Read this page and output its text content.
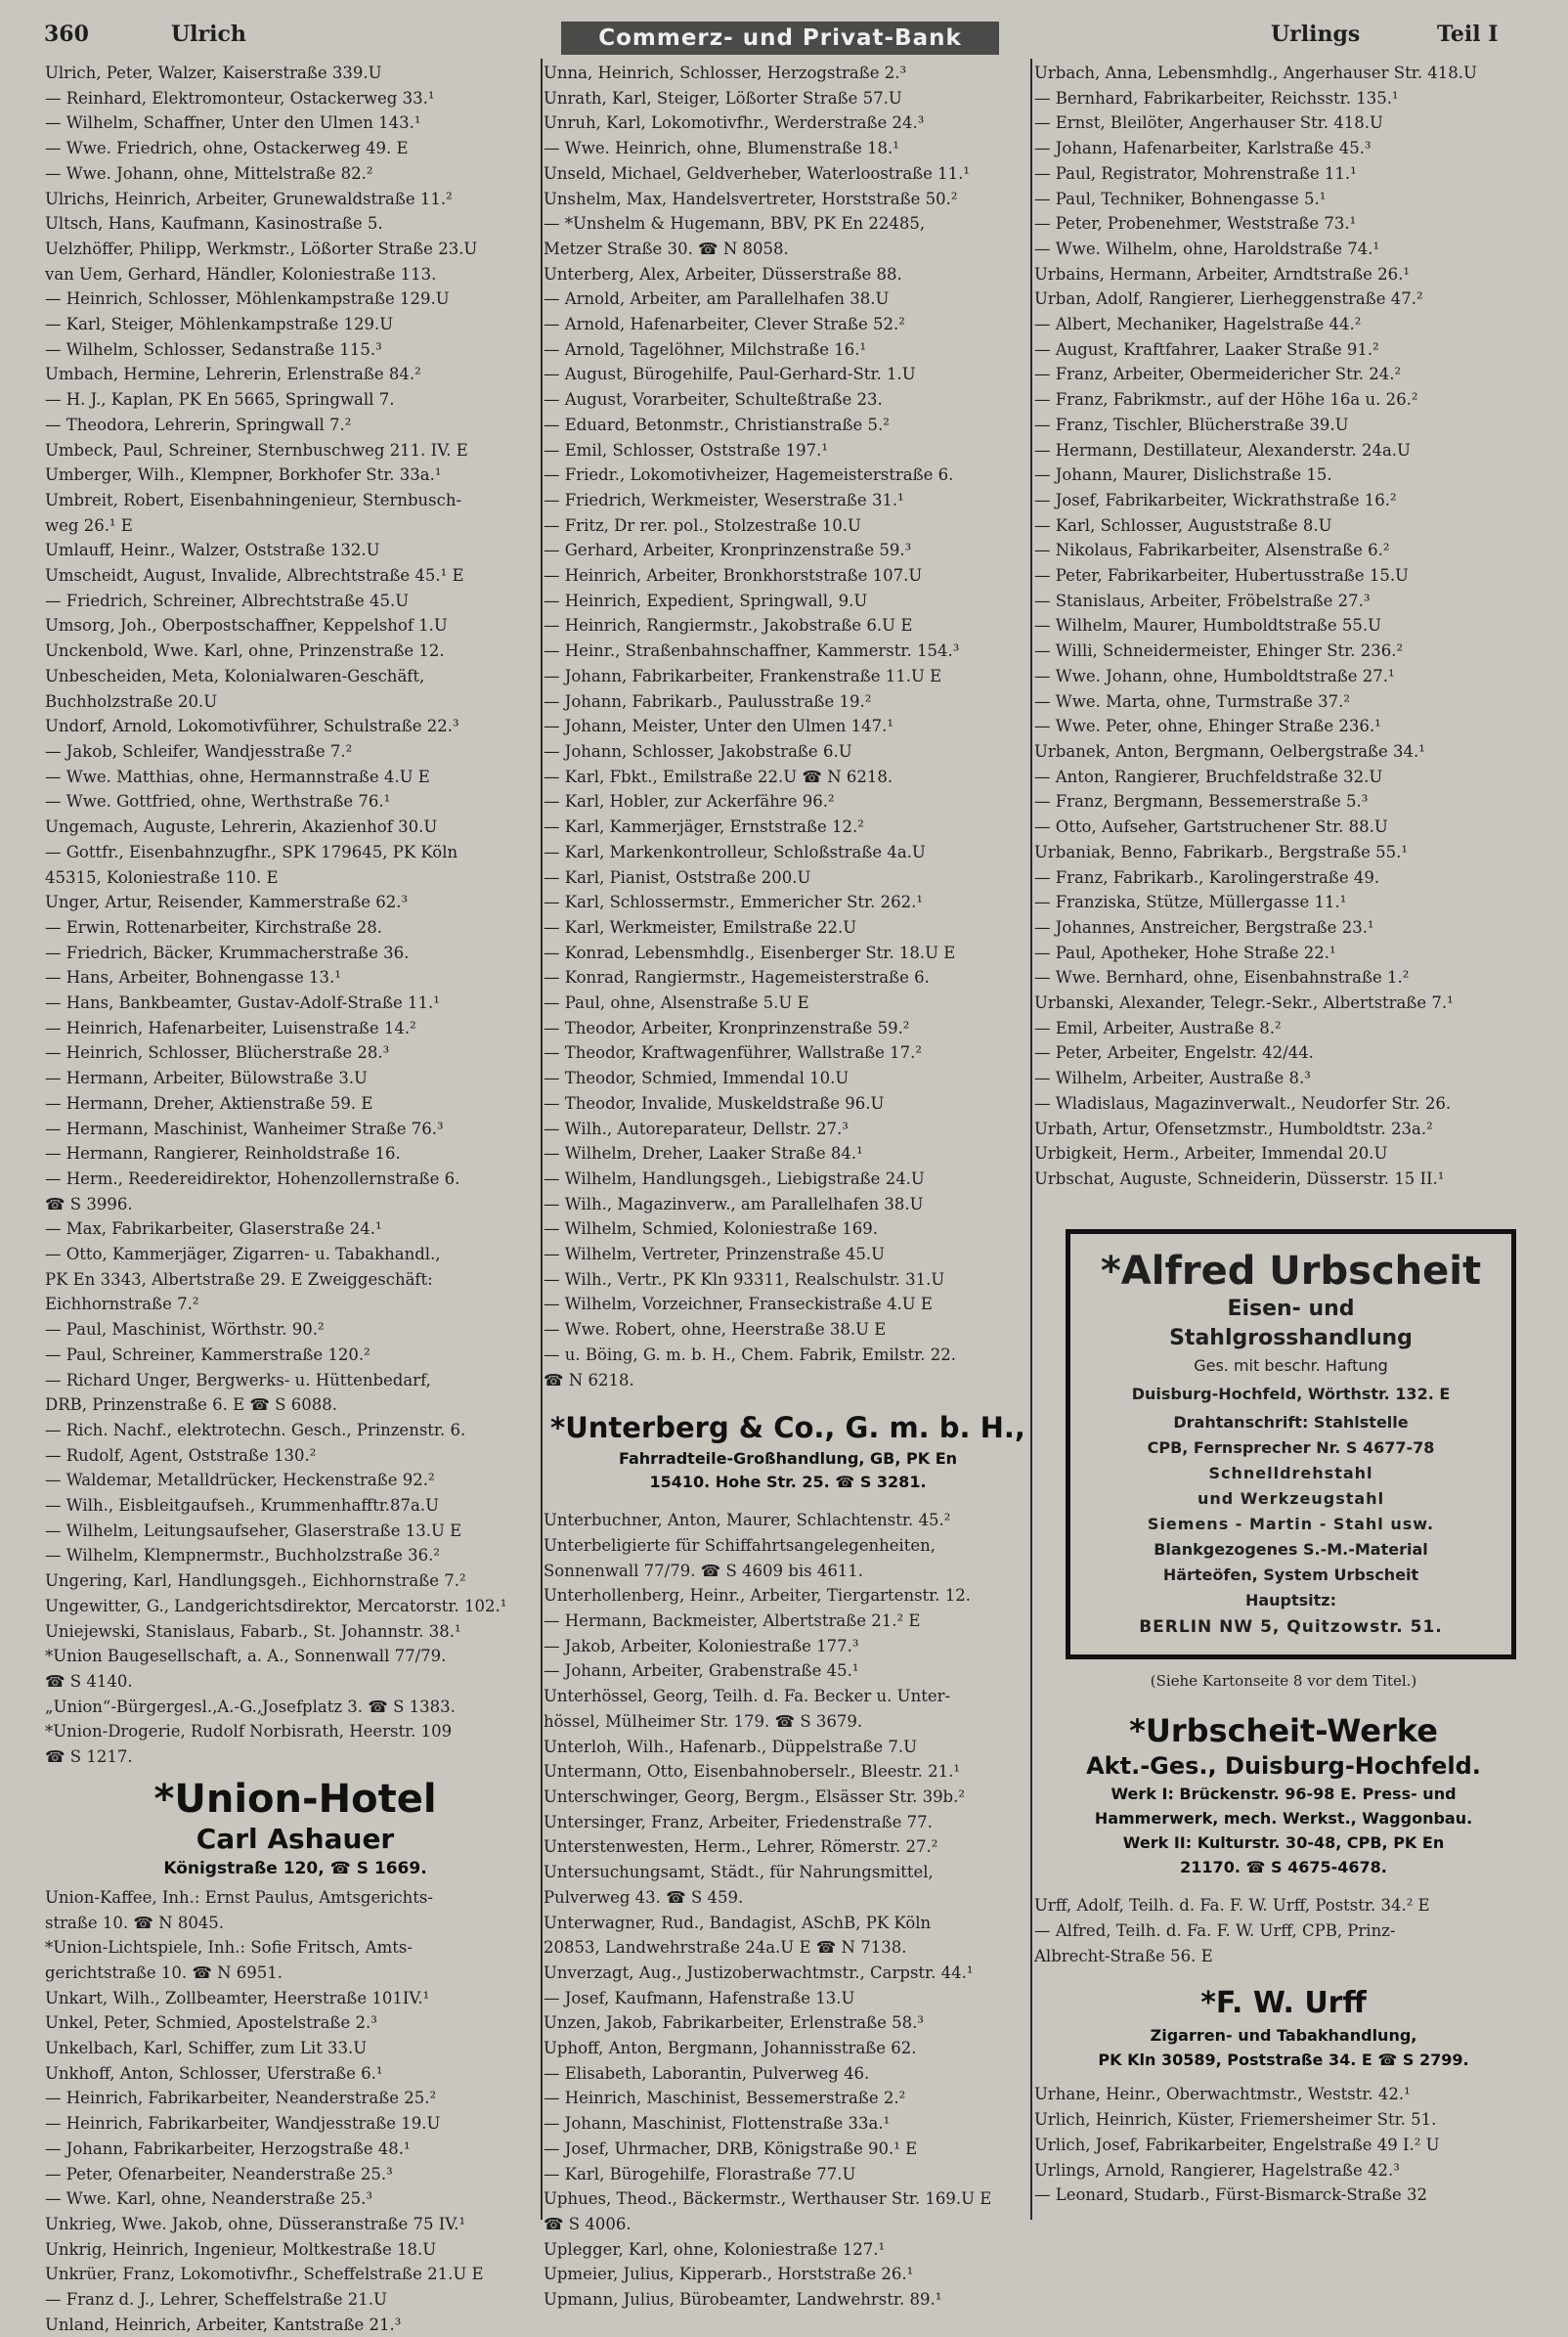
360	Ulrich	Commerz- und Privat-Bank	Urlings	Teil I
Ulrich, Peter, Walzer, Kaiserstraße 339.U
— Reinhard, Elektromonteur, Ostackerweg 33.¹
— Wilhelm, Schaffner, Unter den Ulmen 143.¹
— Wwe. Friedrich, ohne, Ostackerweg 49. E
— Wwe. Johann, ohne, Mittelstraße 82.²
Ulrichs, Heinrich, Arbeiter, Grunewaldstraße 11.²
Ultsch, Hans, Kaufmann, Kasinostraße 5.
Uelzhöffer, Philipp, Werkmstr., Lößorter Straße 23.U
van Uem, Gerhard, Händler, Koloniestraße 113.
— Heinrich, Schlosser, Möhlenkampstraße 129.U
— Karl, Steiger, Möhlenkampstraße 129.U
— Wilhelm, Schlosser, Sedanstraße 115.³
Umbach, Hermine, Lehrerin, Erlenstraße 84.²
— H. J., Kaplan, PK En 5665, Springwall 7.
— Theodora, Lehrerin, Springwall 7.²
Umbeck, Paul, Schreiner, Sternbuschweg 211. IV. E
Umberger, Wilh., Klempner, Borkhofer Str. 33a.¹
Umbreit, Robert, Eisenbahningenieur, Sternbusch-
weg 26.¹ E
Umlauff, Heinr., Walzer, Oststraße 132.U
Umscheidt, August, Invalide, Albrechtstraße 45.¹ E
— Friedrich, Schreiner, Albrechtstraße 45.U
Umsorg, Joh., Oberpostschaffner, Keppelshof 1.U
Unckenbold, Wwe. Karl, ohne, Prinzenstraße 12.
Unbescheiden, Meta, Kolonialwaren-Geschäft,
Buchholzstraße 20.U
Undorf, Arnold, Lokomotivführer, Schulstraße 22.³
— Jakob, Schleifer, Wandjesstraße 7.²
— Wwe. Matthias, ohne, Hermannstraße 4.U E
— Wwe. Gottfried, ohne, Werthstraße 76.¹
Ungemach, Auguste, Lehrerin, Akazienhof 30.U
— Gottfr., Eisenbahnzugfhr., SPK 179645, PK Köln
45315, Koloniestraße 110. E
Unger, Artur, Reisender, Kammerstraße 62.³
— Erwin, Rottenarbeiter, Kirchstraße 28.
— Friedrich, Bäcker, Krummacherstraße 36.
— Hans, Arbeiter, Bohnengasse 13.¹
— Hans, Bankbeamter, Gustav-Adolf-Straße 11.¹
— Heinrich, Hafenarbeiter, Luisenstraße 14.²
— Heinrich, Schlosser, Blücherstraße 28.³
— Hermann, Arbeiter, Bülowstraße 3.U
— Hermann, Dreher, Aktienstraße 59. E
— Hermann, Maschinist, Wanheimer Straße 76.³
— Hermann, Rangierer, Reinholdstraße 16.
— Herm., Reedereidirektor, Hohenzollernstraße 6.
☎ S 3996.
— Max, Fabrikarbeiter, Glaserstraße 24.¹
— Otto, Kammerjäger, Zigarren- u. Tabakhandl.,
PK En 3343, Albertstraße 29. E Zweiggeschäft:
Eichhornstraße 7.²
— Paul, Maschinist, Wörthstr. 90.²
— Paul, Schreiner, Kammerstraße 120.²
— Richard Unger, Bergwerks- u. Hüttenbedarf,
DRB, Prinzenstraße 6. E ☎ S 6088.
— Rich. Nachf., elektrotechn. Gesch., Prinzenstr. 6.
— Rudolf, Agent, Oststraße 130.²
— Waldemar, Metalldrücker, Heckenstraße 92.²
— Wilh., Eisbleitgaufseh., Krummenhafftr.87a.U
— Wilhelm, Leitungsaufseher, Glaserstraße 13.U E
— Wilhelm, Klempnermstr., Buchholzstraße 36.²
Ungering, Karl, Handlungsgeh., Eichhornstraße 7.²
Ungewitter, G., Landgerichtsdirektor, Mercatorstr. 102.¹
Uniejewski, Stanislaus, Fabarb., St. Johannstr. 38.¹
*Union Baugesellschaft, a. A., Sonnenwall 77/79.
☎ S 4140.
„Union“-Bürgergesl.,A.-G.,Josefplatz 3. ☎ S 1383.
*Union-Drogerie, Rudolf Norbisrath, Heerstr. 109
☎ S 1217.
*Union-Hotel
Carl Ashauer
Königstraße 120, ☎ S 1669.
Union-Kaffee, Inh.: Ernst Paulus, Amtsgerichts-
straße 10. ☎ N 8045.
*Union-Lichtspiele, Inh.: Sofie Fritsch, Amts-
gerichtstraße 10. ☎ N 6951.
Unkart, Wilh., Zollbeamter, Heerstraße 101IV.¹
Unkel, Peter, Schmied, Apostelstraße 2.³
Unkelbach, Karl, Schiffer, zum Lit 33.U
Unkhoff, Anton, Schlosser, Uferstraße 6.¹
— Heinrich, Fabrikarbeiter, Neanderstraße 25.²
— Heinrich, Fabrikarbeiter, Wandjesstraße 19.U
— Johann, Fabrikarbeiter, Herzogstraße 48.¹
— Peter, Ofenarbeiter, Neanderstraße 25.³
— Wwe. Karl, ohne, Neanderstraße 25.³
Unkrieg, Wwe. Jakob, ohne, Düsseranstraße 75 IV.¹
Unkrig, Heinrich, Ingenieur, Moltkestraße 18.U
Unkrüer, Franz, Lokomotivfhr., Scheffelstraße 21.U E
— Franz d. J., Lehrer, Scheffelstraße 21.U
Unland, Heinrich, Arbeiter, Kantstraße 21.³
Unna, Heinrich, Schlosser, Herzogstraße 2.³
Unrath, Karl, Steiger, Lößorter Straße 57.U
Unruh, Karl, Lokomotivfhr., Werderstraße 24.³
— Wwe. Heinrich, ohne, Blumenstraße 18.¹
Unseld, Michael, Geldverheber, Waterloostraße 11.¹
Unshelm, Max, Handelsvertreter, Horststraße 50.²
— *Unshelm & Hugemann, BBV, PK En 22485,
Metzer Straße 30. ☎ N 8058.
Unterberg, Alex, Arbeiter, Düsserstraße 88.
— Arnold, Arbeiter, am Parallelhafen 38.U
— Arnold, Hafenarbeiter, Clever Straße 52.²
— Arnold, Tagelöhner, Milchstraße 16.¹
— August, Bürogehilfe, Paul-Gerhard-Str. 1.U
— August, Vorarbeiter, Schulteßtraße 23.
— Eduard, Betonmstr., Christianstraße 5.²
— Emil, Schlosser, Oststraße 197.¹
— Friedr., Lokomotivheizer, Hagemeisterstraße 6.
— Friedrich, Werkmeister, Weserstraße 31.¹
— Fritz, Dr rer. pol., Stolzestraße 10.U
— Gerhard, Arbeiter, Kronprinzenstraße 59.³
— Heinrich, Arbeiter, Bronkhorststraße 107.U
— Heinrich, Expedient, Springwall, 9.U
— Heinrich, Rangiermstr., Jakobstraße 6.U E
— Heinr., Straßenbahnschaffner, Kammerstr. 154.³
— Johann, Fabrikarbeiter, Frankenstraße 11.U E
— Johann, Fabrikarb., Paulusstraße 19.²
— Johann, Meister, Unter den Ulmen 147.¹
— Johann, Schlosser, Jakobstraße 6.U
— Karl, Fbkt., Emilstraße 22.U ☎ N 6218.
— Karl, Hobler, zur Ackerfähre 96.²
— Karl, Kammerjäger, Ernststraße 12.²
— Karl, Markenkontrolleur, Schloßstraße 4a.U
— Karl, Pianist, Oststraße 200.U
— Karl, Schlossermstr., Emmericher Str. 262.¹
— Karl, Werkmeister, Emilstraße 22.U
— Konrad, Lebensmhdlg., Eisenberger Str. 18.U E
— Konrad, Rangiermstr., Hagemeisterstraße 6.
— Paul, ohne, Alsenstraße 5.U E
— Theodor, Arbeiter, Kronprinzenstraße 59.²
— Theodor, Kraftwagenführer, Wallstraße 17.²
— Theodor, Schmied, Immendal 10.U
— Theodor, Invalide, Muskeldstraße 96.U
— Wilh., Autoreparateur, Dellstr. 27.³
— Wilhelm, Dreher, Laaker Straße 84.¹
— Wilhelm, Handlungsgeh., Liebigstraße 24.U
— Wilh., Magazinverw., am Parallelhafen 38.U
— Wilhelm, Schmied, Koloniestraße 169.
— Wilhelm, Vertreter, Prinzenstraße 45.U
— Wilh., Vertr., PK Kln 93311, Realschulstr. 31.U
— Wilhelm, Vorzeichner, Franseckistraße 4.U E
— Wwe. Robert, ohne, Heerstraße 38.U E
— u. Böing, G. m. b. H., Chem. Fabrik, Emilstr. 22.
☎ N 6218.
*Unterberg & Co., G. m. b. H.,
Fahrradteile-Großhandlung, GB, PK En
15410. Hohe Str. 25. ☎ S 3281.
Unterbuchner, Anton, Maurer, Schlachtenstr. 45.²
Unterbeligierte für Schiffahrtsangelegenheiten,
Sonnenwall 77/79. ☎ S 4609 bis 4611.
Unterhollenberg, Heinr., Arbeiter, Tiergartenstr. 12.
— Hermann, Backmeister, Albertstraße 21.² E
— Jakob, Arbeiter, Koloniestraße 177.³
— Johann, Arbeiter, Grabenstraße 45.¹
Unterhössel, Georg, Teilh. d. Fa. Becker u. Unter-
hössel, Mülheimer Str. 179. ☎ S 3679.
Unterloh, Wilh., Hafenarb., Düppelstraße 7.U
Untermann, Otto, Eisenbahnoberselr., Bleestr. 21.¹
Unterschwinger, Georg, Bergm., Elsässer Str. 39b.²
Untersinger, Franz, Arbeiter, Friedenstraße 77.
Unterstenwesten, Herm., Lehrer, Römerstr. 27.²
Untersuchungsamt, Städt., für Nahrungsmittel,
Pulverweg 43. ☎ S 459.
Unterwagner, Rud., Bandagist, ASchB, PK Köln
20853, Landwehrstraße 24a.U E ☎ N 7138.
Unverzagt, Aug., Justizoberwachtmstr., Carpstr. 44.¹
— Josef, Kaufmann, Hafenstraße 13.U
Unzen, Jakob, Fabrikarbeiter, Erlenstraße 58.³
Uphoff, Anton, Bergmann, Johannisstraße 62.
— Elisabeth, Laborantin, Pulverweg 46.
— Heinrich, Maschinist, Bessemerstraße 2.²
— Johann, Maschinist, Flottenstraße 33a.¹
— Josef, Uhrmacher, DRB, Königstraße 90.¹ E
— Karl, Bürogehilfe, Florastraße 77.U
Uphues, Theod., Bäckermstr., Werthauser Str. 169.U E
☎ S 4006.
Uplegger, Karl, ohne, Koloniestraße 127.¹
Upmeier, Julius, Kipperarb., Horststraße 26.¹
Upmann, Julius, Bürobeamter, Landwehrstr. 89.¹
Urbach, Anna, Lebensmhdlg., Angerhauser Str. 418.U
— Bernhard, Fabrikarbeiter, Reichsstr. 135.¹
— Ernst, Bleilöter, Angerhauser Str. 418.U
— Johann, Hafenarbeiter, Karlstraße 45.³
— Paul, Registrator, Mohrenstraße 11.¹
— Paul, Techniker, Bohnengasse 5.¹
— Peter, Probenehmer, Weststraße 73.¹
— Wwe. Wilhelm, ohne, Haroldstraße 74.¹
Urbains, Hermann, Arbeiter, Arndtstraße 26.¹
Urban, Adolf, Rangierer, Lierheggenstraße 47.²
— Albert, Mechaniker, Hagelstraße 44.²
— August, Kraftfahrer, Laaker Straße 91.²
— Franz, Arbeiter, Obermeidericher Str. 24.²
— Franz, Fabrikmstr., auf der Höhe 16a u. 26.²
— Franz, Tischler, Blücherstraße 39.U
— Hermann, Destillateur, Alexanderstr. 24a.U
— Johann, Maurer, Dislichstraße 15.
— Josef, Fabrikarbeiter, Wickrathstraße 16.²
— Karl, Schlosser, Auguststraße 8.U
— Nikolaus, Fabrikarbeiter, Alsenstraße 6.²
— Peter, Fabrikarbeiter, Hubertusstraße 15.U
— Stanislaus, Arbeiter, Fröbelstraße 27.³
— Wilhelm, Maurer, Humboldtstraße 55.U
— Willi, Schneidermeister, Ehinger Str. 236.²
— Wwe. Johann, ohne, Humboldtstraße 27.¹
— Wwe. Marta, ohne, Turmstraße 37.²
— Wwe. Peter, ohne, Ehinger Straße 236.¹
Urbanek, Anton, Bergmann, Oelbergstraße 34.¹
— Anton, Rangierer, Bruchfeldstraße 32.U
— Franz, Bergmann, Bessemerstraße 5.³
— Otto, Aufseher, Gartstruchener Str. 88.U
Urbaniak, Benno, Fabrikarb., Bergstraße 55.¹
— Franz, Fabrikarb., Karolingerstraße 49.
— Franziska, Stütze, Müllergasse 11.¹
— Johannes, Anstreicher, Bergstraße 23.¹
— Paul, Apotheker, Hohe Straße 22.¹
— Wwe. Bernhard, ohne, Eisenbahnstraße 1.²
Urbanski, Alexander, Telegr.-Sekr., Albertstraße 7.¹
— Emil, Arbeiter, Austraße 8.²
— Peter, Arbeiter, Engelstr. 42/44.
— Wilhelm, Arbeiter, Austraße 8.³
— Wladislaus, Magazinverwalt., Neudorfer Str. 26.
Urbath, Artur, Ofensetzmstr., Humboldtstr. 23a.²
Urbigkeit, Herm., Arbeiter, Immendal 20.U
Urbschat, Auguste, Schneiderin, Düsserstr. 15 II.¹
*Alfred Urbscheit
Eisen- und
Stahlgrosshandlung
Ges. mit beschr. Haftung
Duisburg-Hochfeld, Wörthstr. 132. E
Drahtanschrift: Stahlstelle
CPB, Fernsprecher Nr. S 4677-78
Schnelldrehstahl
und Werkzeugstahl
Siemens - Martin - Stahl usw.
Blankgezogenes S.-M.-Material
Härteöfen, System Urbscheit
Hauptsitz:
BERLIN NW 5, Quitzowstr. 51.
(Siehe Kartonseite 8 vor dem Titel.)
*Urbscheit-Werke
Akt.-Ges., Duisburg-Hochfeld.
Werk I: Brückenstr. 96-98 E. Press- und
Hammerwerk, mech. Werkst., Waggonbau.
Werk II: Kulturstr. 30-48, CPB, PK En
21170. ☎ S 4675-4678.
Urff, Adolf, Teilh. d. Fa. F. W. Urff, Poststr. 34.² E
— Alfred, Teilh. d. Fa. F. W. Urff, CPB, Prinz-
Albrecht-Straße 56. E
*F. W. Urff
Zigarren- und Tabakhandlung,
PK Kln 30589, Poststraße 34. E ☎ S 2799.
Urhane, Heinr., Oberwachtmstr., Weststr. 42.¹
Urlich, Heinrich, Küster, Friemersheimer Str. 51.
Urlich, Josef, Fabrikarbeiter, Engelstraße 49 I.² U
Urlings, Arnold, Rangierer, Hagelstraße 42.³
— Leonard, Studarb., Fürst-Bismarck-Straße 32
